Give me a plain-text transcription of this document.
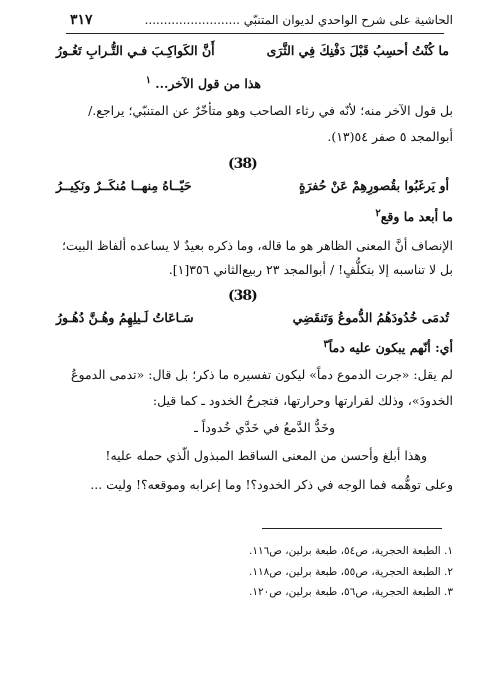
الحاشية على شرح الواحدي لديوان المتنبّي .........................
٣١٧
ما كُنْتُ أحسِبُ قَبْلَ دَفْنِكَ فِي الثَّرَى
أَنَّ الكَواكِـبَ فـي التُّـرابِ تَغُـورُ
هذا من قول الآخر... $^١$
بل قول الآخر منه؛ لأنّه في رثاء الصاحب وهو متأخّرٌ عن المتنبّي؛ يراجع./
أبوالمجد ٥ صفر ٥٤(١٣).
(38)
أو يَرغَبُوا بقُصورِهِمْ عَنْ حُفرَةٍ
حَيّــاهُ مِنهــا مُنكَــرٌ ونَكِيــرُ
ما أبعد ما وقع$^٢$
الإنصاف أنَّ المعنى الظاهر هو ما قاله، وما ذكره بعيدٌ لا يساعده ألفاظ البيت؛
بل لا تناسبه إلا بتكلُّفٍ! / أبوالمجد ٢٣ ربيع‌الثاني ٣٥٦[١].
(38)
تُدمَى خُدُودَهُمُ الدُّموعُ وَتَنقَضِي
سَـاعَاتُ لَـيلِهِمُ وهُـنَّ دُهُـورُ
أي: أنّهم يبكون عليه دماً$^٣$
لم يقل: «جرت الدموع دماً» ليكون تفسيره ما ذكر؛ بل قال: «تدمى الدموعُ
الخدودَ»، وذلك لقرارتها وحرارتها، فتجرحُ الخدود ـ كما قيل:
وخَدُّ الدَّمعُ في خَدَّي خُدوداً ـ
وهذا أبلغ وأحسن من المعنى الساقط المبذول الّذي حمله عليه!
وعلى توهُّمه فما الوجه في ذكر الخدود؟! وما إعرابه وموقعه؟! وليت ...
١. الطبعة الحجرية، ص٥٤، طبعة برلين، ص١١٦.
٢. الطبعة الحجرية، ص٥٥، طبعة برلين، ص١١٨.
٣. الطبعة الحجرية، ص٥٦، طبعة برلين، ص١٢٠.
